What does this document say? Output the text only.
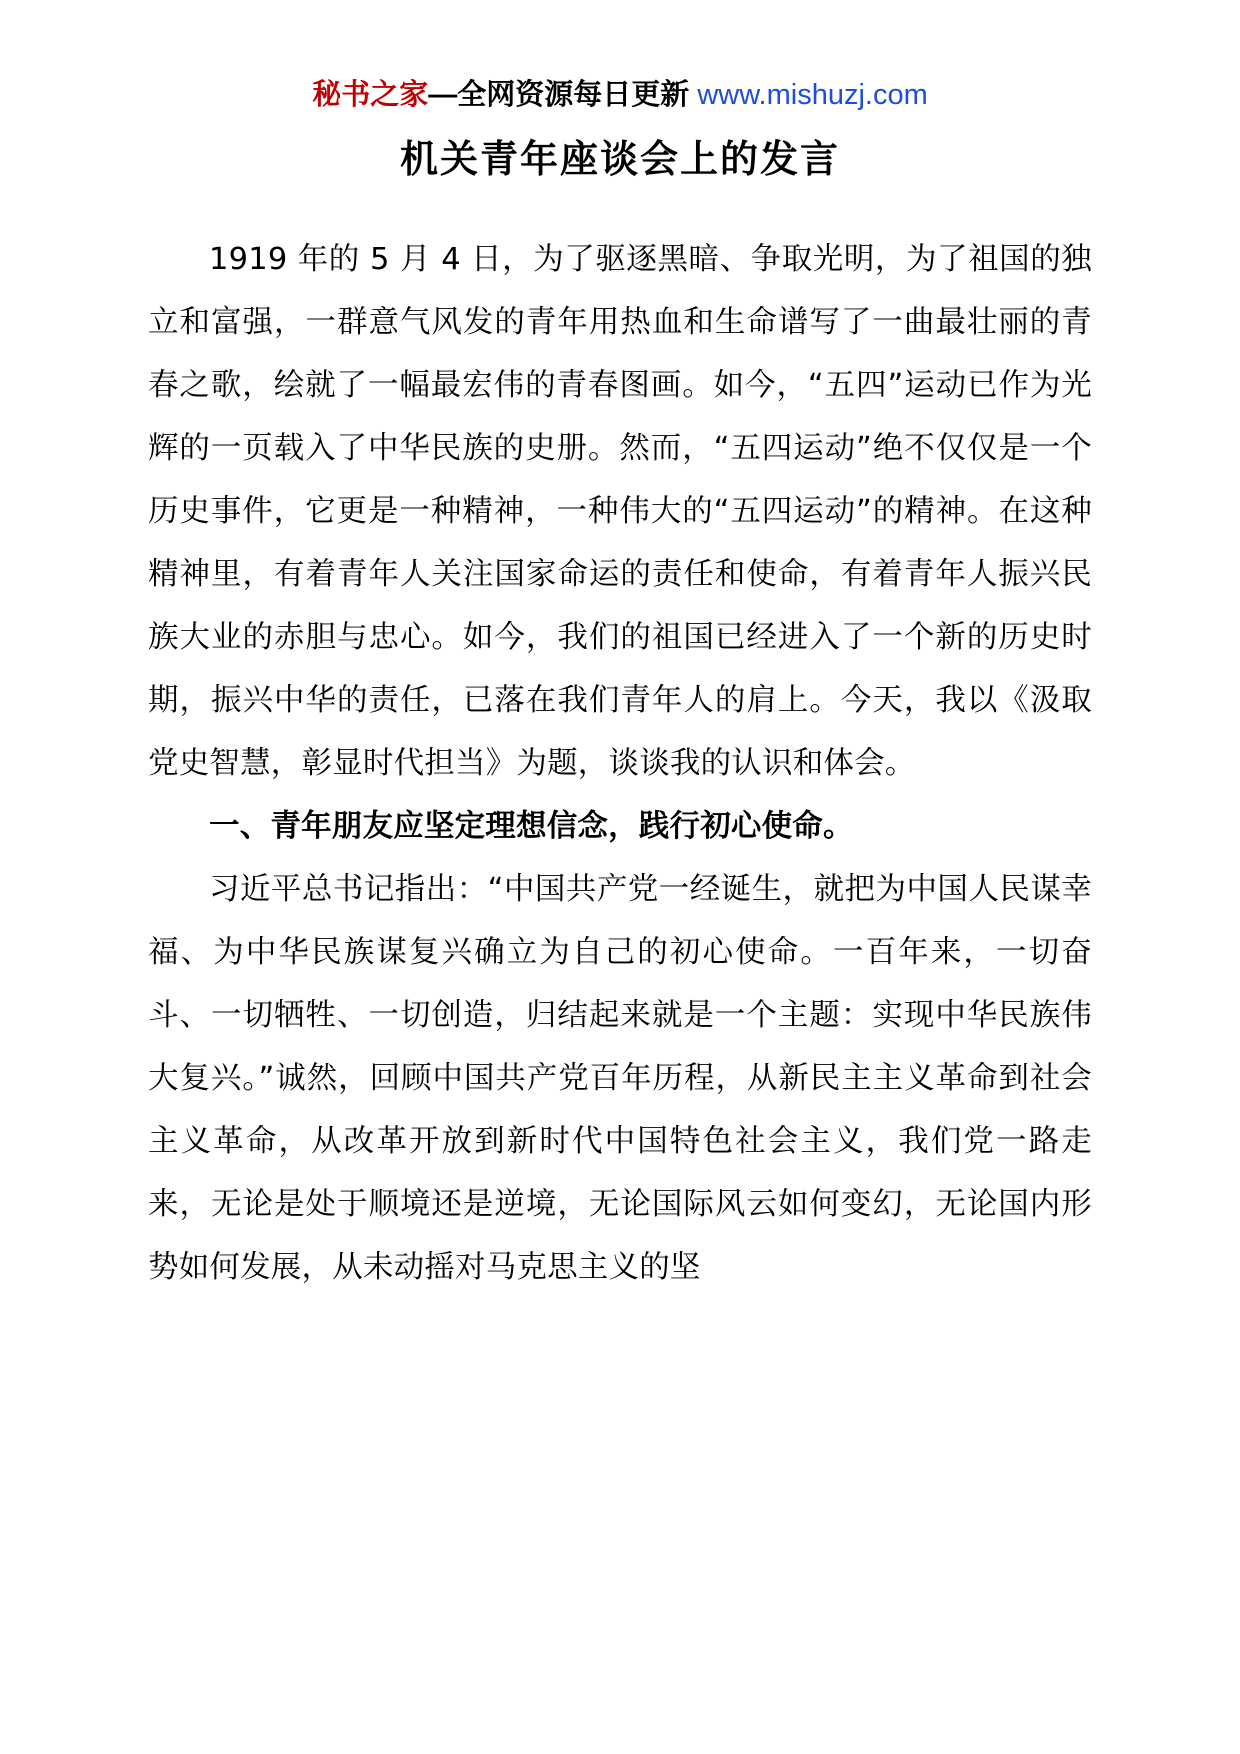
秘书之家—全网资源每日更新 www.mishuzj.com
机关青年座谈会上的发言

1919 年的 5 月 4 日，为了驱逐黑暗、争取光明，为了祖国的独立和富强，一群意气风发的青年用热血和生命谱写了一曲最壮丽的青春之歌，绘就了一幅最宏伟的青春图画。如今，“五四”运动已作为光辉的一页载入了中华民族的史册。然而，“五四运动”绝不仅仅是一个历史事件，它更是一种精神，一种伟大的“五四运动”的精神。在这种精神里，有着青年人关注国家命运的责任和使命，有着青年人振兴民族大业的赤胆与忠心。如今，我们的祖国已经进入了一个新的历史时期，振兴中华的责任，已落在我们青年人的肩上。今天，我以《汲取党史智慧，彰显时代担当》为题，谈谈我的认识和体会。

一、青年朋友应坚定理想信念，践行初心使命。

习近平总书记指出：“中国共产党一经诞生，就把为中国人民谋幸福、为中华民族谋复兴确立为自己的初心使命。一百年来，一切奋斗、一切牺牲、一切创造，归结起来就是一个主题：实现中华民族伟大复兴。”诚然，回顾中国共产党百年历程，从新民主主义革命到社会主义革命，从改革开放到新时代中国特色社会主义，我们党一路走来，无论是处于顺境还是逆境，无论国际风云如何变幻，无论国内形势如何发展，从未动摇对马克思主义的坚
